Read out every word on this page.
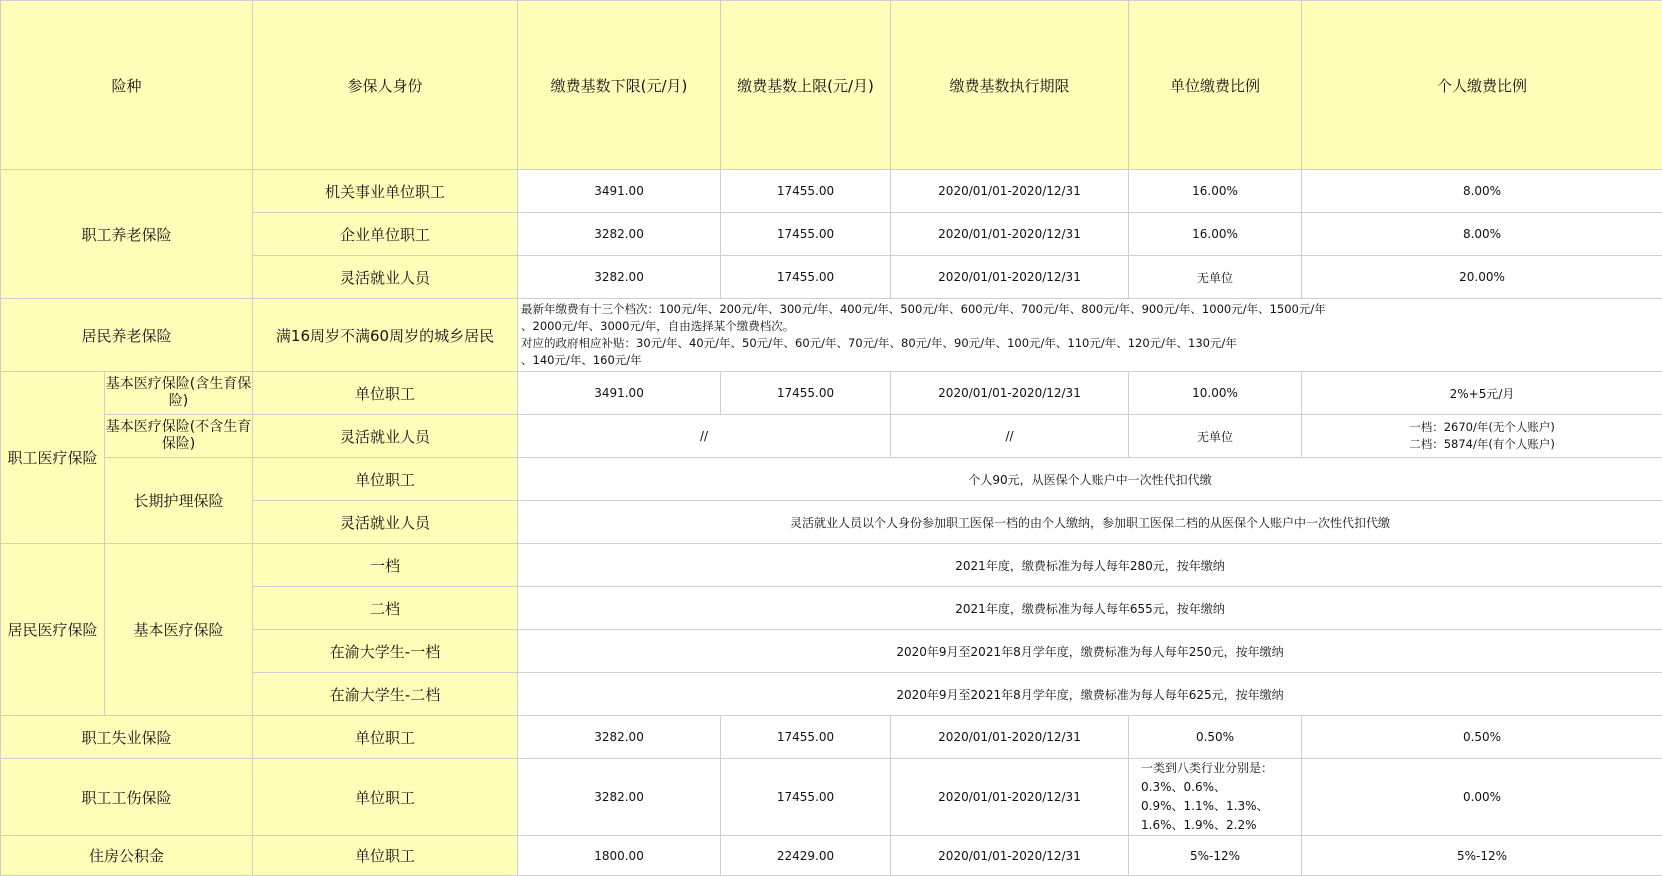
险种		参保人身份	缴费基数下限(元/月)	缴费基数上限(元/月)	缴费基数执行期限	单位缴费比例	个人缴费比例	
职工养老保险		机关事业单位职工	3491.00	17455.00	2020/01/01-2020/12/31	16.00%	8.00%	
		企业单位职工	3282.00	17455.00	2020/01/01-2020/12/31	16.00%	8.00%	
		灵活就业人员	3282.00	17455.00	2020/01/01-2020/12/31	无单位	20.00%	
居民养老保险		满16周岁不满60周岁的城乡居民	最新年缴费有十三个档次：100元/年、200元/年、300元/年、400元/年、500元/年、600元/年、700元/年、800元/年、900元/年、1000元/年、1500元/年
、2000元/年、3000元/年，自由选择某个缴费档次。
对应的政府相应补贴：30元/年、40元/年、50元/年、60元/年、70元/年、80元/年、90元/年、100元/年、110元/年、120元/年、130元/年
、140元/年、160元/年					
职工医疗保险	基本医疗保险(含生育保险)	单位职工	3491.00	17455.00	2020/01/01-2020/12/31	10.00%	2%+5元/月	
	基本医疗保险(不含生育保险)	灵活就业人员	//		//	无单位	一档：2670/年(无个人账户)
二档：5874/年(有个人账户)	
	长期护理保险	单位职工	个人90元，从医保个人账户中一次性代扣代缴					
		灵活就业人员	灵活就业人员以个人身份参加职工医保一档的由个人缴纳，参加职工医保二档的从医保个人账户中一次性代扣代缴					
居民医疗保险	基本医疗保险	一档	2021年度，缴费标准为每人每年280元，按年缴纳					
		二档	2021年度，缴费标准为每人每年655元，按年缴纳					
		在渝大学生-一档	2020年9月至2021年8月学年度，缴费标准为每人每年250元，按年缴纳					
		在渝大学生-二档	2020年9月至2021年8月学年度，缴费标准为每人每年625元，按年缴纳					
职工失业保险		单位职工	3282.00	17455.00	2020/01/01-2020/12/31	0.50%	0.50%	
职工工伤保险		单位职工	3282.00	17455.00	2020/01/01-2020/12/31	一类到八类行业分别是：0.3%、0.6%、
0.9%、1.1%、1.3%、1.6%、1.9%、2.2%	0.00%	
住房公积金		单位职工	1800.00	22429.00	2020/01/01-2020/12/31	5%-12%	5%-12%	
